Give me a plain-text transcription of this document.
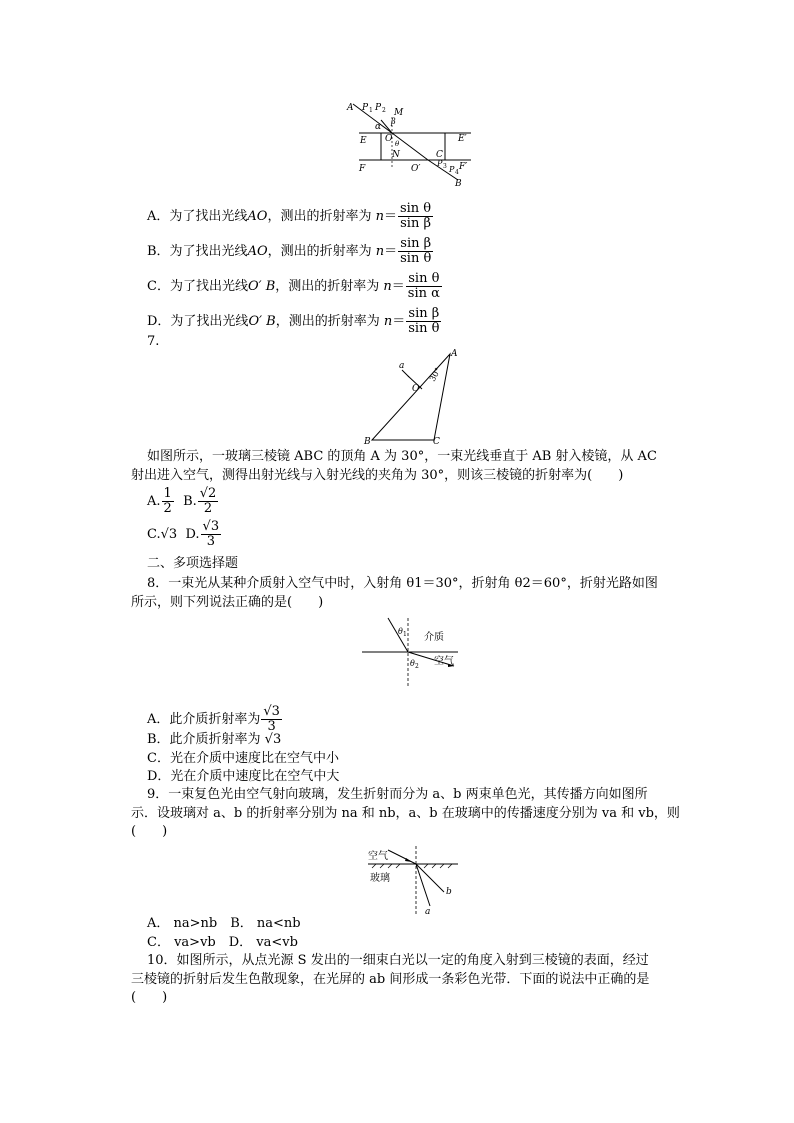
A P 1 P 2 M
α
β
E O θ	E′
N	C
F	O′
P 3 P 4
F′
B
A．为了找出光线AO，测出的折射率为 $n= \frac{\text{sin θ}}{\text{sin β}}$
B．为了找出光线AO，测出的折射率为 $n= \frac{\text{sin β}}{\text{sin θ}}$
C．为了找出光线O′ B，测出的折射率为 $n= \frac{\text{sin θ}}{\text{sin α}}$
D．为了找出光线O′ B，测出的折射率为 $n= \frac{\text{sin β}}{\text{sin θ}}$
7.
a
A
O
30°
B	C
如图所示，一玻璃三棱镜 ABC 的顶角 A 为 30°，一束光线垂直于 AB 射入棱镜，从 AC
射出进入空气，测得出射光线与入射光线的夹角为 30°，则该三棱镜的折射率为(　　)
A. $\frac{1}{2} B$. $\frac{√2}{2}$
C.√3 D. $\frac{√3}{3}$
二、多项选择题
8．一束光从某种介质射入空气中时，入射角 θ1＝30°，折射角 θ2＝60°，折射光路如图
所示，则下列说法正确的是(　　)
θ 1 介质
θ 2 空气
A．此介质折射率为 $\frac{√3}{3}$
B．此介质折射率为 √3
C．光在介质中速度比在空气中小
D．光在介质中速度比在空气中大
9．一束复色光由空气射向玻璃，发生折射而分为 a、b 两束单色光，其传播方向如图所
示．设玻璃对 a、b 的折射率分别为 na 和 nb，a、b 在玻璃中的传播速度分别为 va 和 vb，则
(　　)
空气
玻璃
b
a
A． na>nb　B． na<nb
C． va>vb　D． va<vb
10．如图所示，从点光源 S 发出的一细束白光以一定的角度入射到三棱镜的表面，经过
三棱镜的折射后发生色散现象，在光屏的 ab 间形成一条彩色光带．下面的说法中正确的是
(　　)
